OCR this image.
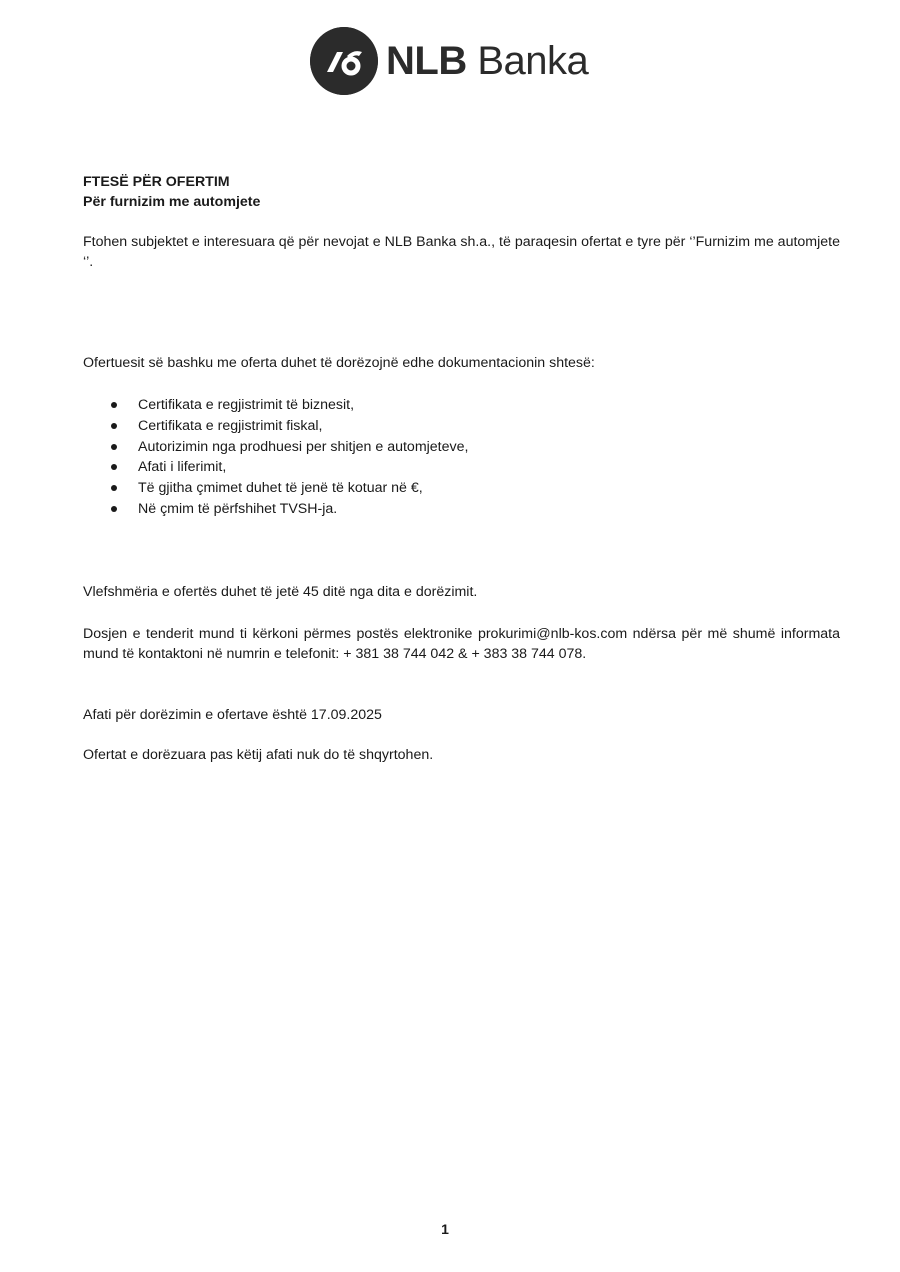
NLB Banka
FTESË PËR OFERTIM
Për furnizim me automjete
Ftohen subjektet e interesuara që për nevojat e NLB Banka sh.a., të paraqesin ofertat e tyre për ‘’Furnizim me automjete ‘’.
Ofertuesit së bashku me oferta duhet të dorëzojnë edhe dokumentacionin shtesë:
Certifikata e regjistrimit të biznesit,
Certifikata e regjistrimit fiskal,
Autorizimin nga prodhuesi per shitjen e automjeteve,
Afati i liferimit,
Të gjitha çmimet duhet të jenë të kotuar në €,
Në çmim të përfshihet TVSH-ja.
Vlefshmëria e ofertës duhet të jetë 45 ditë nga dita e dorëzimit.
Dosjen e tenderit mund ti kërkoni përmes postës elektronike prokurimi@nlb-kos.com ndërsa për më shumë informata mund të kontaktoni në numrin e telefonit: + 381 38 744 042 & + 383 38 744 078.
Afati për dorëzimin e ofertave është 17.09.2025
Ofertat e dorëzuara pas këtij afati nuk do të shqyrtohen.
1
